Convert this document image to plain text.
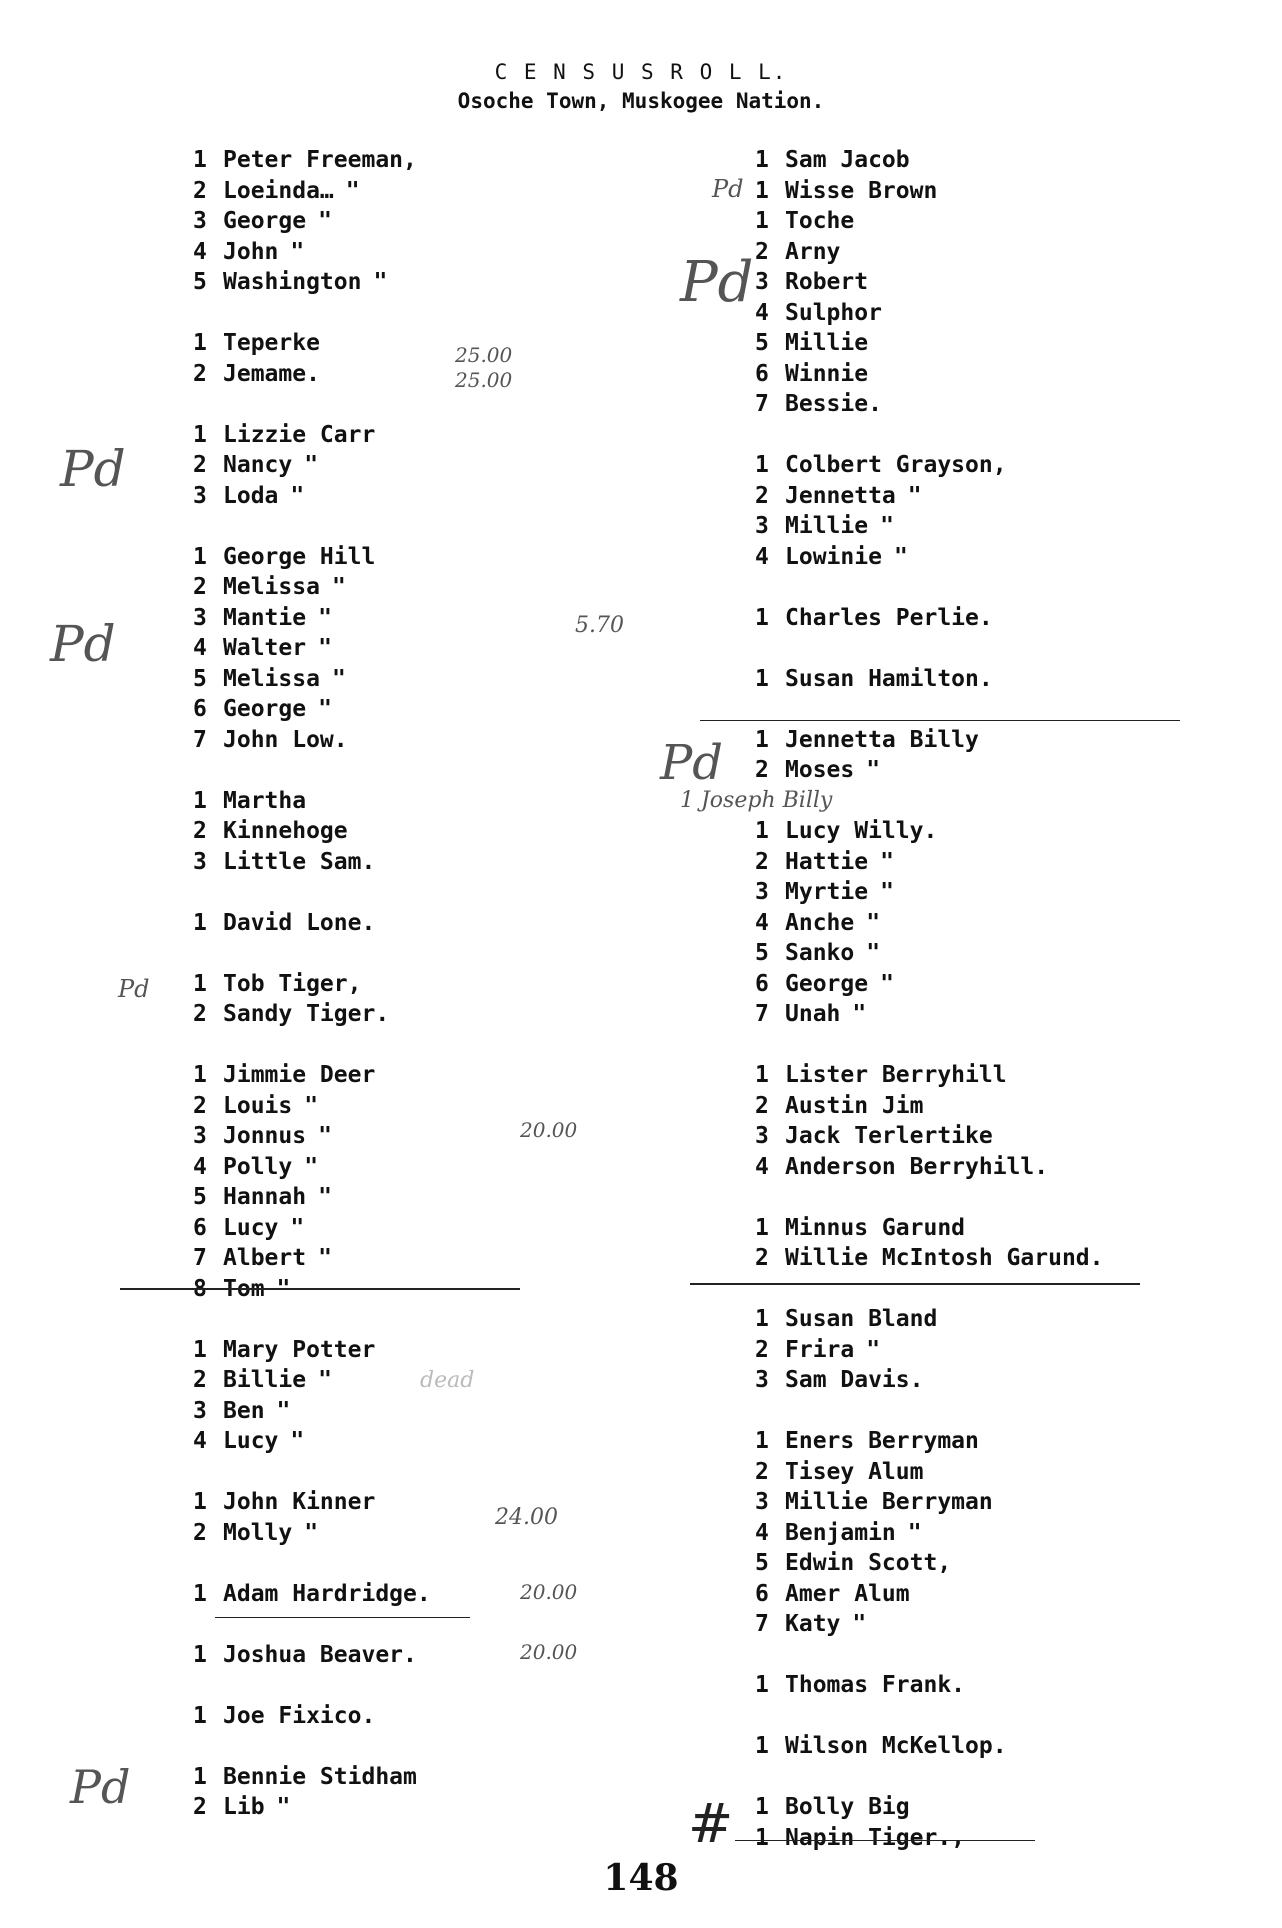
C E N S U S R O L L.
Osoche Town, Muskogee Nation.
1 Peter Freeman,
2 Loeinda… "
3 George "
4 John "
5 Washington "
1 Teperke
2 Jemame.
1 Lizzie Carr
2 Nancy "
3 Loda "
1 George Hill
2 Melissa "
3 Mantie "
4 Walter "
5 Melissa "
6 George "
7 John Low.
1 Martha
2 Kinnehoge
3 Little Sam.
1 David Lone.
1 Tob Tiger,
2 Sandy Tiger.
1 Jimmie Deer
2 Louis "
3 Jonnus "
4 Polly "
5 Hannah "
6 Lucy "
7 Albert "
8 Tom "
1 Mary Potter
2 Billie "
3 Ben "
4 Lucy "
1 John Kinner
2 Molly "
1 Adam Hardridge.
1 Joshua Beaver.
1 Joe Fixico.
1 Bennie Stidham
2 Lib "
1 Sam Jacob
1 Wisse Brown
1 Toche
2 Arny
3 Robert
4 Sulphor
5 Millie
6 Winnie
7 Bessie.
1 Colbert Grayson,
2 Jennetta "
3 Millie "
4 Lowinie "
1 Charles Perlie.
1 Susan Hamilton.
1 Jennetta Billy
2 Moses "
1 Lucy Willy.
2 Hattie "
3 Myrtie "
4 Anche "
5 Sanko "
6 George "
7 Unah "
1 Lister Berryhill
2 Austin Jim
3 Jack Terlertike
4 Anderson Berryhill.
1 Minnus Garund
2 Willie McIntosh Garund.
1 Susan Bland
2 Frira "
3 Sam Davis.
1 Eners Berryman
2 Tisey Alum
3 Millie Berryman
4 Benjamin "
5 Edwin Scott,
6 Amer Alum
7 Katy "
1 Thomas Frank.
1 Wilson McKellop.
1 Bolly Big
1 Napin Tiger.,
25.00
25.00
5.70
20.00
24.00
20.00
20.00
Pd
Pd
Pd
Pd
Pd
Pd
Pd
1 Joseph Billy
dead
#
148
